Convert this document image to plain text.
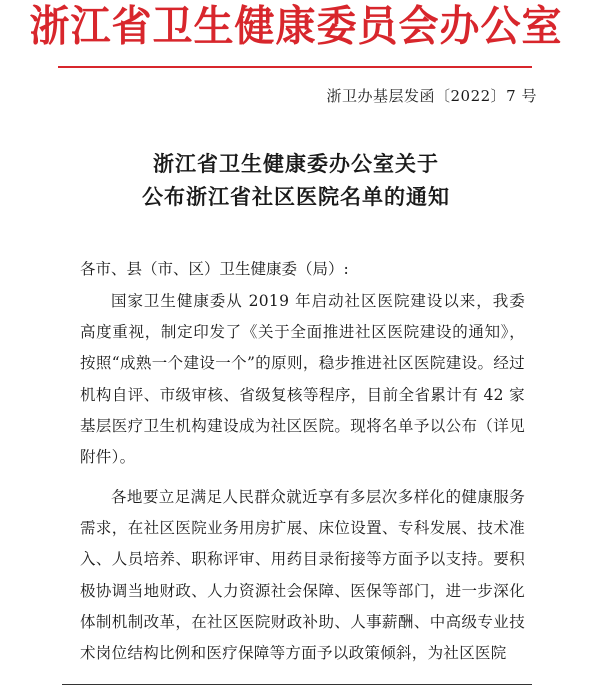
浙江省卫生健康委员会办公室
浙卫办基层发函〔2022〕7 号
浙江省卫生健康委办公室关于
公布浙江省社区医院名单的通知
各市、县（市、区）卫生健康委（局）:

国家卫生健康委从 2019 年启动社区医院建设以来，我委高度重视，制定印发了《关于全面推进社区医院建设的通知》，按照“成熟一个建设一个”的原则，稳步推进社区医院建设。经过机构自评、市级审核、省级复核等程序，目前全省累计有 42 家基层医疗卫生机构建设成为社区医院。现将名单予以公布（详见附件）。

各地要立足满足人民群众就近享有多层次多样化的健康服务需求，在社区医院业务用房扩展、床位设置、专科发展、技术准入、人员培养、职称评审、用药目录衔接等方面予以支持。要积极协调当地财政、人力资源社会保障、医保等部门，进一步深化体制机制改革，在社区医院财政补助、人事薪酬、中高级专业技术岗位结构比例和医疗保障等方面予以政策倾斜，为社区医院
